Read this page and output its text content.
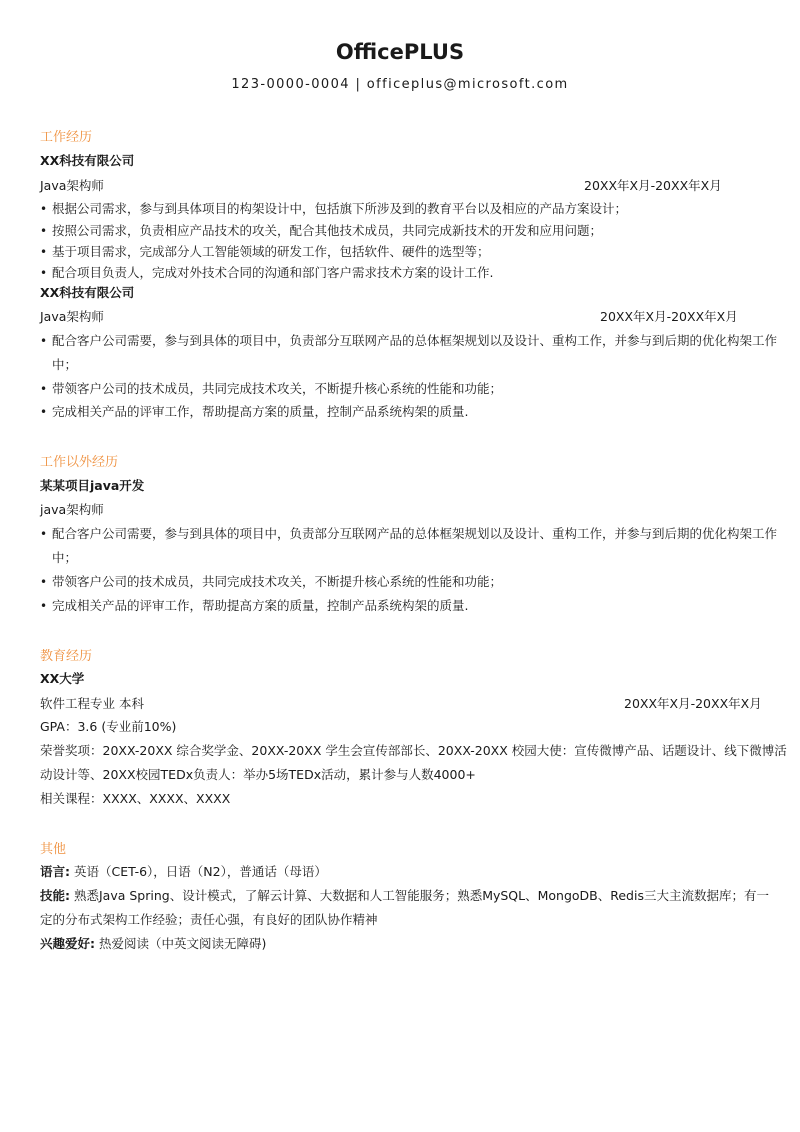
OfficePLUS
123-0000-0004 | officeplus@microsoft.com
工作经历
XX科技有限公司
Java架构师	20XX年X月-20XX年X月
• 根据公司需求，参与到具体项目的构架设计中，包括旗下所涉及到的教育平台以及相应的产品方案设计；
• 按照公司需求，负责相应产品技术的攻关，配合其他技术成员，共同完成新技术的开发和应用问题；
• 基于项目需求，完成部分人工智能领域的研发工作，包括软件、硬件的选型等；
• 配合项目负责人，完成对外技术合同的沟通和部门客户需求技术方案的设计工作.
XX科技有限公司
Java架构师	20XX年X月-20XX年X月
• 配合客户公司需要，参与到具体的项目中，负责部分互联网产品的总体框架规划以及设计、重构工作，并参与到后期的优化构架工作
中；
• 带领客户公司的技术成员，共同完成技术攻关，不断提升核心系统的性能和功能；
• 完成相关产品的评审工作，帮助提高方案的质量，控制产品系统构架的质量.
工作以外经历
某某项目java开发
java架构师
• 配合客户公司需要，参与到具体的项目中，负责部分互联网产品的总体框架规划以及设计、重构工作，并参与到后期的优化构架工作
中；
• 带领客户公司的技术成员，共同完成技术攻关，不断提升核心系统的性能和功能；
• 完成相关产品的评审工作，帮助提高方案的质量，控制产品系统构架的质量.
教育经历
XX大学
软件工程专业 本科	20XX年X月-20XX年X月
GPA：3.6 (专业前10%)
荣誉奖项：20XX-20XX 综合奖学金、20XX-20XX 学生会宣传部部长、20XX-20XX 校园大使：宣传微博产品、话题设计、线下微博活
动设计等、20XX校园TEDx负责人：举办5场TEDx活动，累计参与人数4000+
相关课程：XXXX、XXXX、XXXX
其他
语言: 英语（CET-6），日语（N2），普通话（母语）
技能: 熟悉Java Spring、设计模式，了解云计算、大数据和人工智能服务；熟悉MySQL、MongoDB、Redis三大主流数据库；有一
定的分布式架构工作经验；责任心强，有良好的团队协作精神
兴趣爱好: 热爱阅读（中英文阅读无障碍)
